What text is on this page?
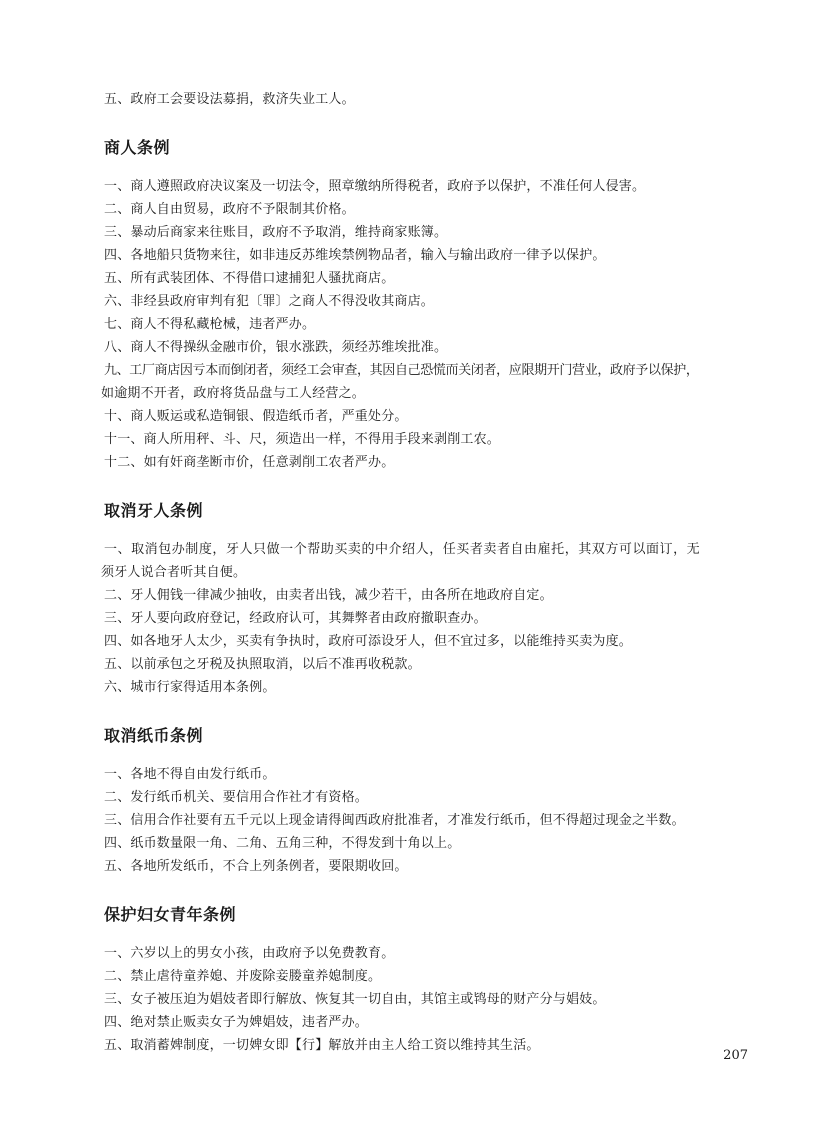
五、政府工会要设法募捐，救济失业工人。
商人条例
一、商人遵照政府决议案及一切法令，照章缴纳所得税者，政府予以保护，不准任何人侵害。
二、商人自由贸易，政府不予限制其价格。
三、暴动后商家来往账目，政府不予取消，维持商家账簿。
四、各地船只货物来往，如非违反苏维埃禁例物品者，输入与输出政府一律予以保护。
五、所有武装团体、不得借口逮捕犯人骚扰商店。
六、非经县政府审判有犯〔罪〕之商人不得没收其商店。
七、商人不得私藏枪械，违者严办。
八、商人不得操纵金融市价，银水涨跌，须经苏维埃批准。
九、工厂商店因亏本而倒闭者，须经工会审查，其因自己恐慌而关闭者，应限期开门营业，政府予以保护，
如逾期不开者，政府将货品盘与工人经营之。
十、商人贩运或私造铜银、假造纸币者，严重处分。
十一、商人所用秤、斗、尺，须造出一样，不得用手段来剥削工农。
十二、如有奸商垄断市价，任意剥削工农者严办。
取消牙人条例
一、取消包办制度，牙人只做一个帮助买卖的中介绍人，任买者卖者自由雇托，其双方可以面订，无
须牙人说合者听其自便。
二、牙人佣钱一律减少抽收，由卖者出钱，减少若干，由各所在地政府自定。
三、牙人要向政府登记，经政府认可，其舞弊者由政府撤职查办。
四、如各地牙人太少，买卖有争执时，政府可添设牙人，但不宜过多，以能维持买卖为度。
五、以前承包之牙税及执照取消，以后不准再收税款。
六、城市行家得适用本条例。
取消纸币条例
一、各地不得自由发行纸币。
二、发行纸币机关、要信用合作社才有资格。
三、信用合作社要有五千元以上现金请得闽西政府批准者，才准发行纸币，但不得超过现金之半数。
四、纸币数量限一角、二角、五角三种，不得发到十角以上。
五、各地所发纸币，不合上列条例者，要限期收回。
保护妇女青年条例
一、六岁以上的男女小孩，由政府予以免费教育。
二、禁止虐待童养媳、并废除妾媵童养媳制度。
三、女子被压迫为娼妓者即行解放、恢复其一切自由，其馆主或鸨母的财产分与娼妓。
四、绝对禁止贩卖女子为婢娼妓，违者严办。
五、取消蓄婢制度，一切婢女即【行】解放并由主人给工资以维持其生活。
207
